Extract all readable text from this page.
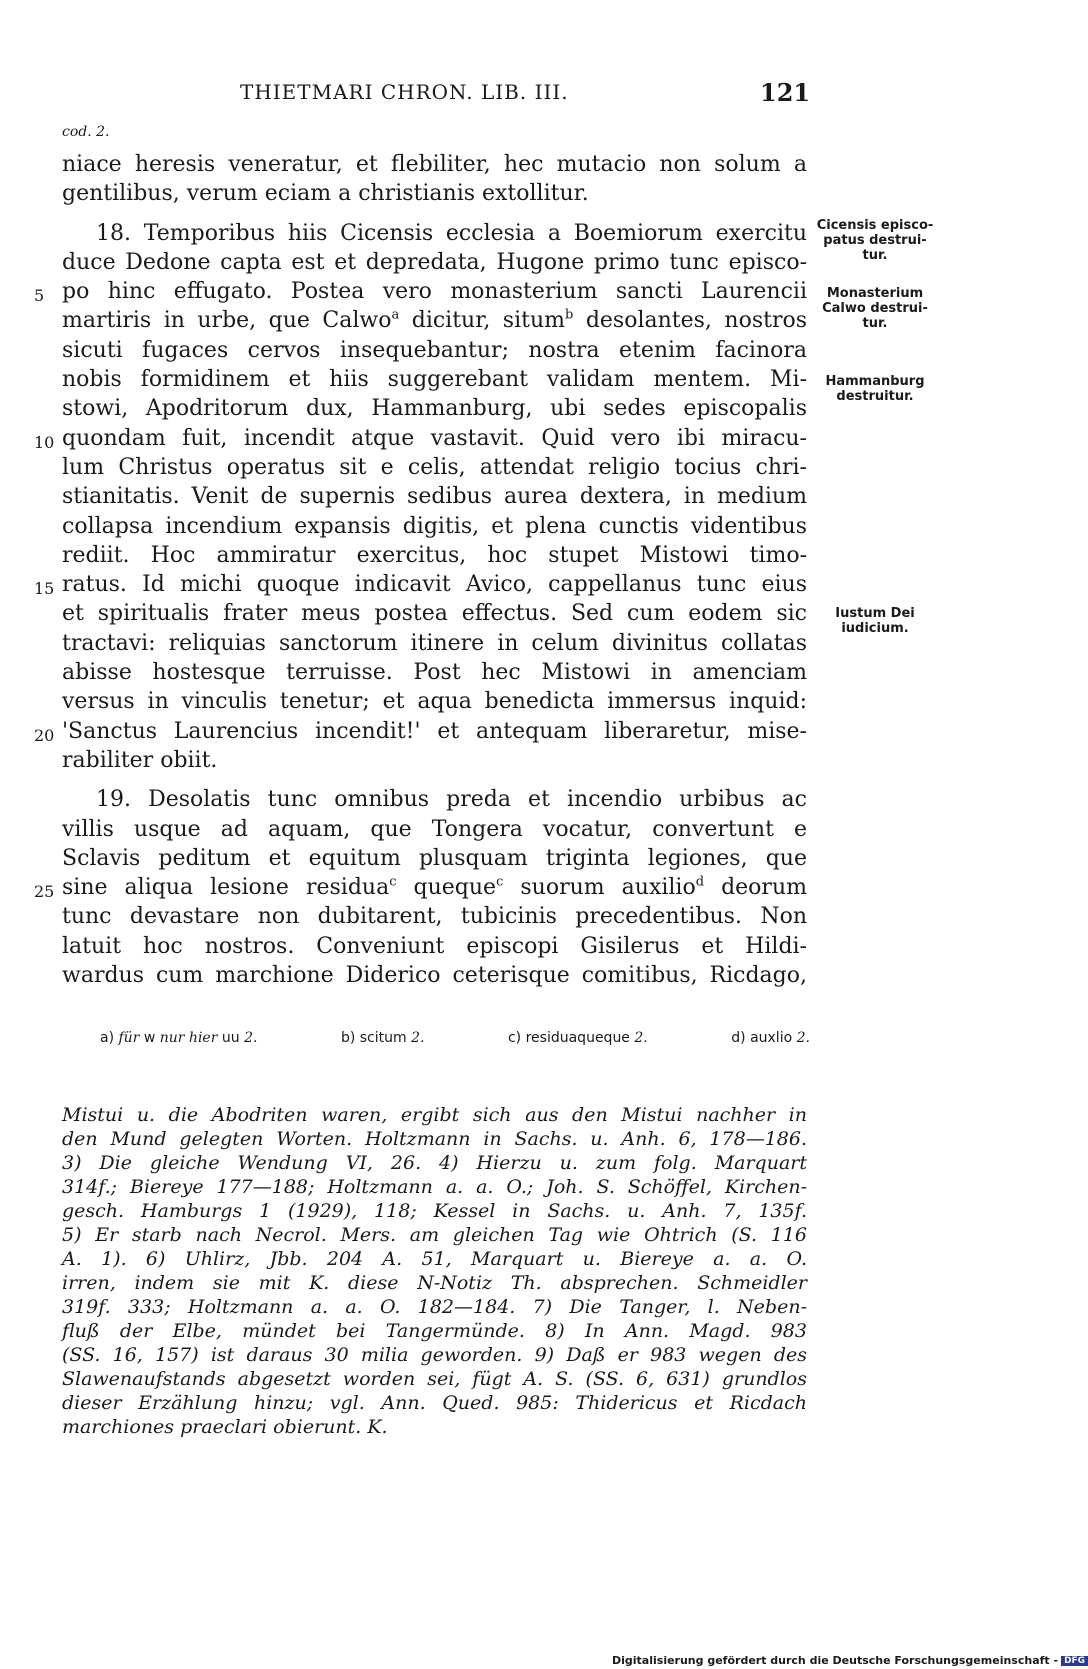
THIETMARI CHRON. LIB. III.	121
cod. 2.
niace heresis veneratur, et flebiliter, hec mutacio non solum a
gentilibus, verum eciam a christianis extollitur.
18. Temporibus hiis Cicensis ecclesia a Boemiorum exercitu
duce Dedone capta est et depredata, Hugone primo tunc episco-
5 po hinc effugato. Postea vero monasterium sancti Laurencii
martiris in urbe, que Calwo$^a$ dicitur, situm$^b$ desolantes, nostros
sicuti fugaces cervos insequebantur; nostra etenim facinora
nobis formidinem et hiis suggerebant validam mentem. Mi-
stowi, Apodritorum dux, Hammanburg, ubi sedes episcopalis
10 quondam fuit, incendit atque vastavit. Quid vero ibi miracu-
lum Christus operatus sit e celis, attendat religio tocius chri-
stianitatis. Venit de supernis sedibus aurea dextera, in medium
collapsa incendium expansis digitis, et plena cunctis videntibus
rediit. Hoc ammiratur exercitus, hoc stupet Mistowi timo-
15 ratus. Id michi quoque indicavit Avico, cappellanus tunc eius
et spiritualis frater meus postea effectus. Sed cum eodem sic
tractavi: reliquias sanctorum itinere in celum divinitus collatas
abisse hostesque terruisse. Post hec Mistowi in amenciam
versus in vinculis tenetur; et aqua benedicta immersus inquid:
20 'Sanctus Laurencius incendit!' et antequam liberaretur, mise-
rabiliter obiit.
19. Desolatis tunc omnibus preda et incendio urbibus ac
villis usque ad aquam, que Tongera vocatur, convertunt e
Sclavis peditum et equitum plusquam triginta legiones, que
25 sine aliqua lesione residua$^c$ queque$^c$ suorum auxilio$^d$ deorum
tunc devastare non dubitarent, tubicinis precedentibus. Non
latuit hoc nostros. Conveniunt episcopi Gisilerus et Hildi-
wardus cum marchione Diderico ceterisque comitibus, Ricdago,
Cicensis episco-
patus destrui-
tur.
Monasterium
Calwo destrui-
tur.
Hammanburg
destruitur.
Iustum Dei
iudicium.
a) für w nur hier uu 2.	b) scitum 2.	c) residuaqueque 2.	d) auxlio 2.
Mistui u. die Abodriten waren, ergibt sich aus den Mistui nachher in
den Mund gelegten Worten. Holtzmann in Sachs. u. Anh. 6, 178—186.
3) Die gleiche Wendung VI, 26. 4) Hierzu u. zum folg. Marquart
314f.; Biereye 177—188; Holtzmann a. a. O.; Joh. S. Schöffel, Kirchen-
gesch. Hamburgs 1 (1929), 118; Kessel in Sachs. u. Anh. 7, 135f.
5) Er starb nach Necrol. Mers. am gleichen Tag wie Ohtrich (S. 116
A. 1). 6) Uhlirz, Jbb. 204 A. 51, Marquart u. Biereye a. a. O.
irren, indem sie mit K. diese N-Notiz Th. absprechen. Schmeidler
319f. 333; Holtzmann a. a. O. 182—184. 7) Die Tanger, l. Neben-
fluß der Elbe, mündet bei Tangermünde. 8) In Ann. Magd. 983
(SS. 16, 157) ist daraus 30 milia geworden. 9) Daß er 983 wegen des
Slawenaufstands abgesetzt worden sei, fügt A. S. (SS. 6, 631) grundlos
dieser Erzählung hinzu; vgl. Ann. Qued. 985: Thidericus et Ricdach
marchiones praeclari obierunt. K.
Digitalisierung gefördert durch die Deutsche Forschungsgemeinschaft - DFG
